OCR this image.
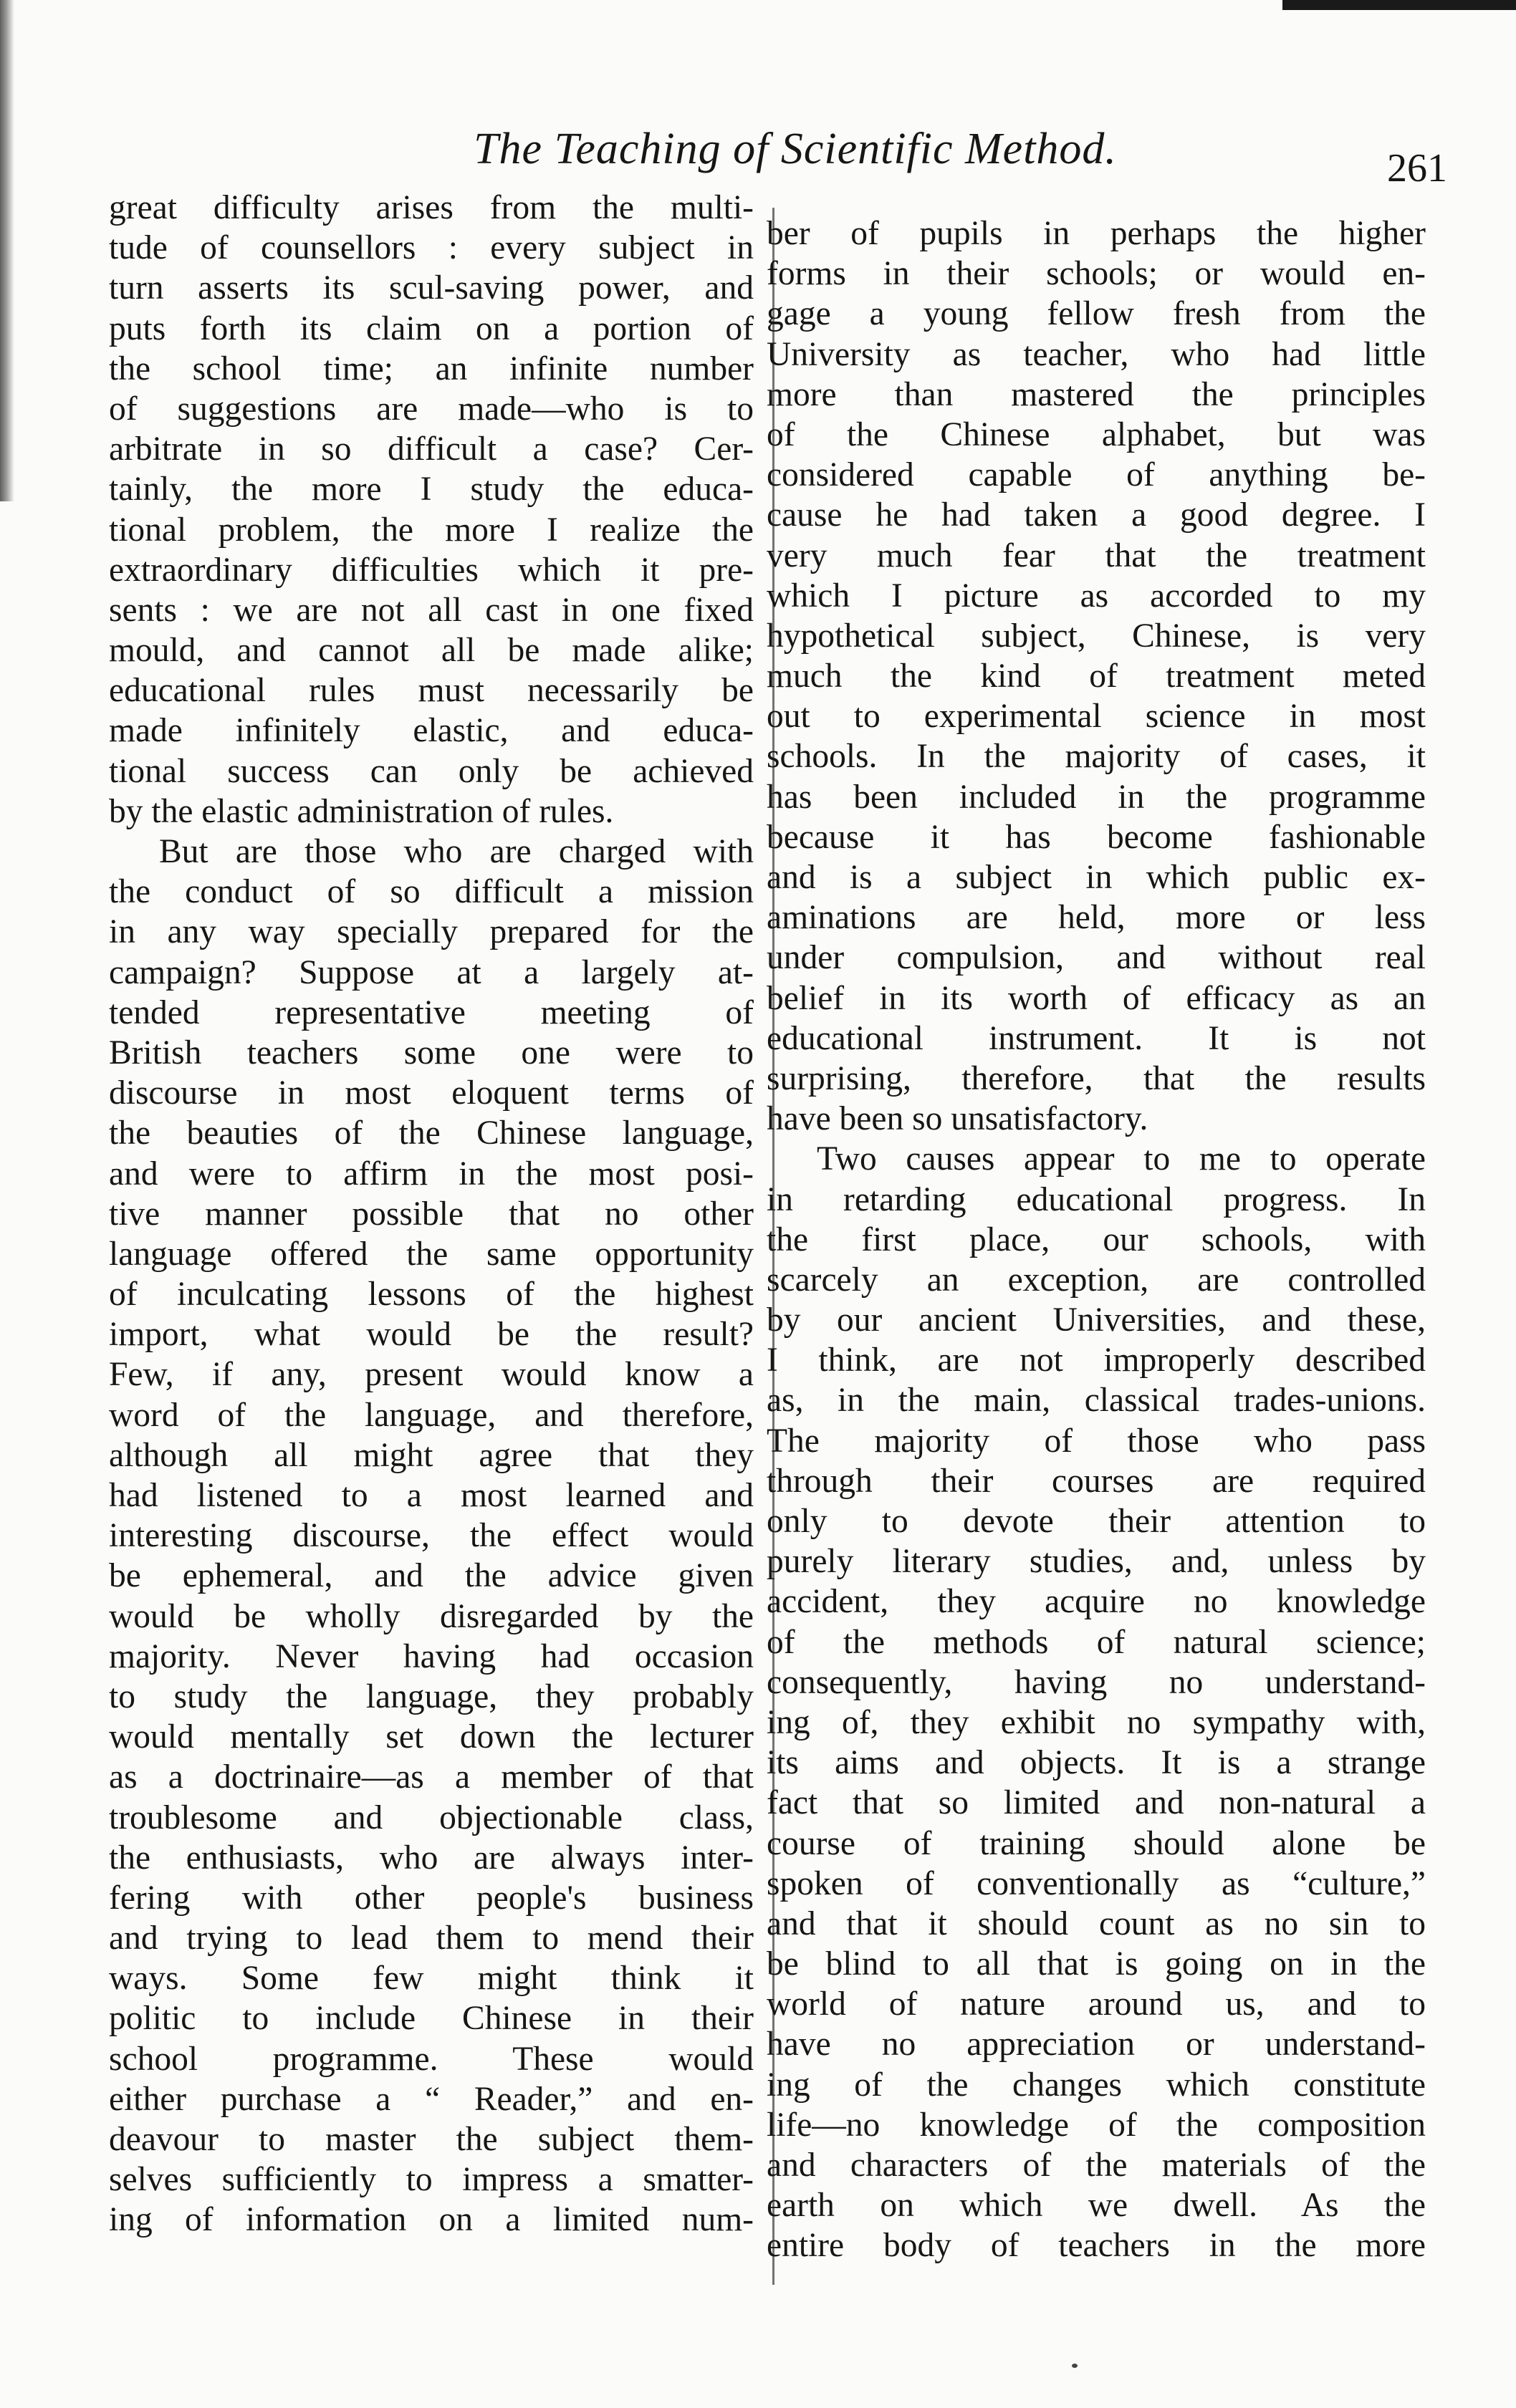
The Teaching of Scientific Method.	261
great difficulty arises from the multi-
tude of counsellors : every subject in
turn asserts its scul-saving power, and
puts forth its claim on a portion of
the school time; an infinite number
of suggestions are made—who is to
arbitrate in so difficult a case? Cer-
tainly, the more I study the educa-
tional problem, the more I realize the
extraordinary difficulties which it pre-
sents : we are not all cast in one fixed
mould, and cannot all be made alike;
educational rules must necessarily be
made infinitely elastic, and educa-
tional success can only be achieved
by the elastic administration of rules.
But are those who are charged with
the conduct of so difficult a mission
in any way specially prepared for the
campaign? Suppose at a largely at-
tended representative meeting of
British teachers some one were to
discourse in most eloquent terms of
the beauties of the Chinese language,
and were to affirm in the most posi-
tive manner possible that no other
language offered the same opportunity
of inculcating lessons of the highest
import, what would be the result?
Few, if any, present would know a
word of the language, and therefore,
although all might agree that they
had listened to a most learned and
interesting discourse, the effect would
be ephemeral, and the advice given
would be wholly disregarded by the
majority. Never having had occasion
to study the language, they probably
would mentally set down the lecturer
as a doctrinaire—as a member of that
troublesome and objectionable class,
the enthusiasts, who are always inter-
fering with other people's business
and trying to lead them to mend their
ways. Some few might think it
politic to include Chinese in their
school programme. These would
either purchase a “ Reader,” and en-
deavour to master the subject them-
selves sufficiently to impress a smatter-
ing of information on a limited num-
ber of pupils in perhaps the higher
forms in their schools; or would en-
gage a young fellow fresh from the
University as teacher, who had little
more than mastered the principles
of the Chinese alphabet, but was
considered capable of anything be-
cause he had taken a good degree. I
very much fear that the treatment
which I picture as accorded to my
hypothetical subject, Chinese, is very
much the kind of treatment meted
out to experimental science in most
schools. In the majority of cases, it
has been included in the programme
because it has become fashionable
and is a subject in which public ex-
aminations are held, more or less
under compulsion, and without real
belief in its worth of efficacy as an
educational instrument. It is not
surprising, therefore, that the results
have been so unsatisfactory.
Two causes appear to me to operate
in retarding educational progress. In
the first place, our schools, with
scarcely an exception, are controlled
by our ancient Universities, and these,
I think, are not improperly described
as, in the main, classical trades-unions.
The majority of those who pass
through their courses are required
only to devote their attention to
purely literary studies, and, unless by
accident, they acquire no knowledge
of the methods of natural science;
consequently, having no understand-
ing of, they exhibit no sympathy with,
its aims and objects. It is a strange
fact that so limited and non-natural a
course of training should alone be
spoken of conventionally as “culture,”
and that it should count as no sin to
be blind to all that is going on in the
world of nature around us, and to
have no appreciation or understand-
ing of the changes which constitute
life—no knowledge of the composition
and characters of the materials of the
earth on which we dwell. As the
entire body of teachers in the more
